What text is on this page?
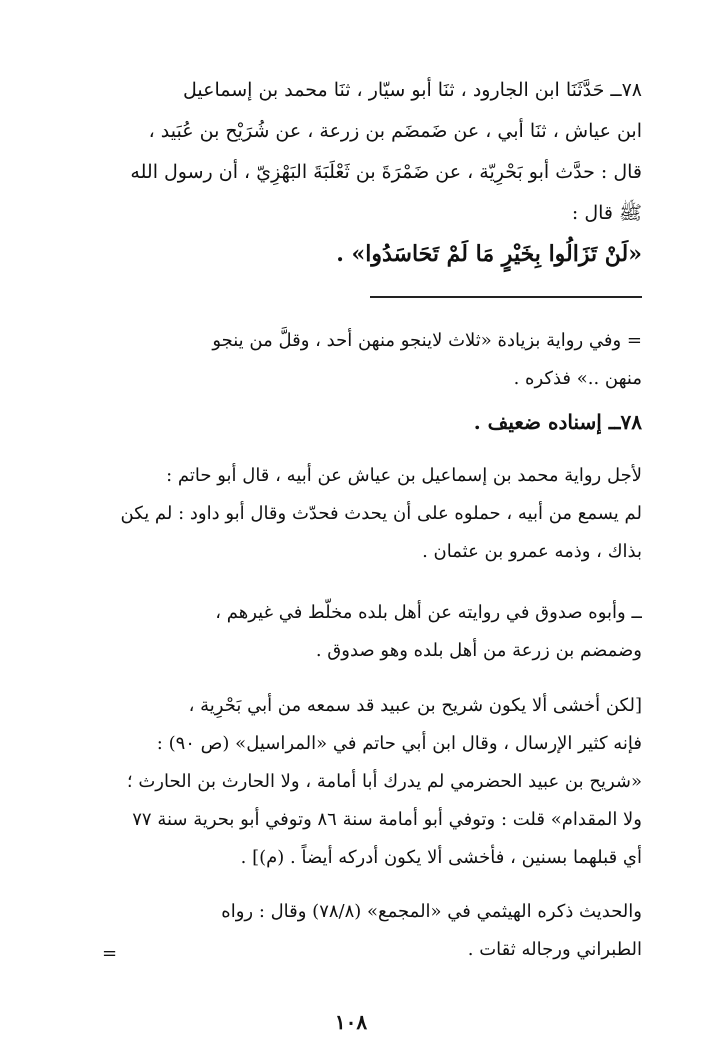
٧٨ــ حَدَّثَنَا ابن الجارود ، ثنَا أبو سيّار ، ثنَا محمد بن إسماعيل
ابن عياش ، ثنَا أبي ، عن ضَمضَم بن زرعة ، عن شُرَيْح بن عُبَيد ،
قال : حدَّث أبو بَحْرِيّة ، عن ضَمْرَةَ بن ثَعْلَبَةَ البَهْزِيّ ، أن رسول الله
ﷺ قال :
«لَنْ تَزَالُوا بِخَيْرٍ مَا لَمْ تَحَاسَدُوا» .
= وفي رواية بزيادة «ثلاث لاينجو منهن أحد ، وقلَّ من ينجو
منهن ..» فذكره .
٧٨ــ إسناده ضعيف .
لأجل رواية محمد بن إسماعيل بن عياش عن أبيه ، قال أبو حاتم :
لم يسمع من أبيه ، حملوه على أن يحدث فحدّث وقال أبو داود : لم يكن
بذاك ، وذمه عمرو بن عثمان .
ــ وأبوه صدوق في روايته عن أهل بلده مخلّط في غيرهم ،
وضمضم بن زرعة من أهل بلده وهو صدوق .
[لكن أخشى ألا يكون شريح بن عبيد قد سمعه من أبي بَحْرِية ،
فإنه كثير الإرسال ، وقال ابن أبي حاتم في «المراسيل» (ص ٩٠) :
«شريح بن عبيد الحضرمي لم يدرك أبا أمامة ، ولا الحارث بن الحارث ؛
ولا المقدام» قلت : وتوفي أبو أمامة سنة ٨٦ وتوفي أبو بحرية سنة ٧٧
أي قبلهما بسنين ، فأخشى ألا يكون أدركه أيضاً . (م)] .
والحديث ذكره الهيثمي في «المجمع» (٧٨/٨) وقال : رواه
الطبراني ورجاله ثقات .
=
١٠٨
